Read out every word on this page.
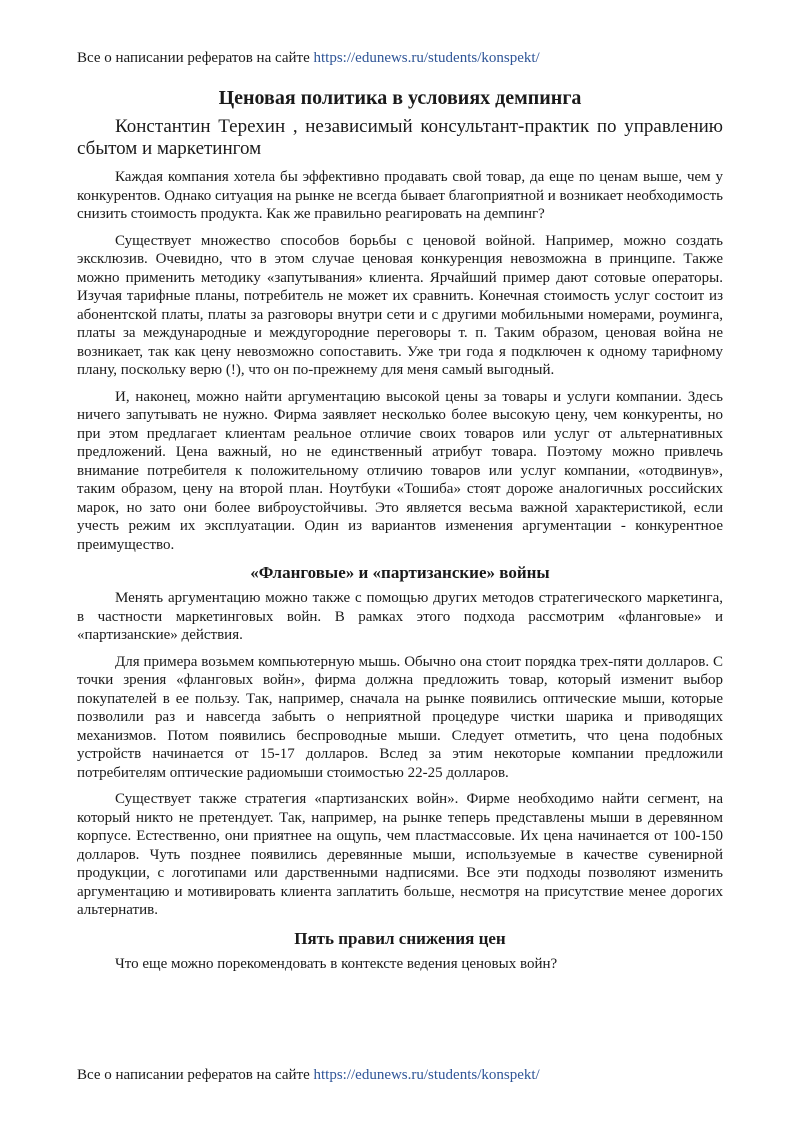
Все о написании рефератов на сайте https://edunews.ru/students/konspekt/
Ценовая политика в условиях демпинга
Константин Терехин , независимый консультант-практик по управлению сбытом и маркетингом

Каждая компания хотела бы эффективно продавать свой товар, да еще по ценам выше, чем у конкурентов. Однако ситуация на рынке не всегда бывает благоприятной и возникает необходимость снизить стоимость продукта. Как же правильно реагировать на демпинг?

Существует множество способов борьбы с ценовой войной. Например, можно создать эксклюзив. Очевидно, что в этом случае ценовая конкуренция невозможна в принципе. Также можно применить методику «запутывания» клиента. Ярчайший пример дают сотовые операторы. Изучая тарифные планы, потребитель не может их сравнить. Конечная стоимость услуг состоит из абонентской платы, платы за разговоры внутри сети и с другими мобильными номерами, роуминга, платы за международные и междугородние переговоры т. п. Таким образом, ценовая война не возникает, так как цену невозможно сопоставить. Уже три года я подключен к одному тарифному плану, поскольку верю (!), что он по-прежнему для меня самый выгодный.

И, наконец, можно найти аргументацию высокой цены за товары и услуги компании. Здесь ничего запутывать не нужно. Фирма заявляет несколько более высокую цену, чем конкуренты, но при этом предлагает клиентам реальное отличие своих товаров или услуг от альтернативных предложений. Цена важный, но не единственный атрибут товара. Поэтому можно привлечь внимание потребителя к положительному отличию товаров или услуг компании, «отодвинув», таким образом, цену на второй план. Ноутбуки «Тошиба» стоят дороже аналогичных российских марок, но зато они более виброустойчивы. Это является весьма важной характеристикой, если учесть режим их эксплуатации. Один из вариантов изменения аргументации - конкурентное преимущество.

«Фланговые» и «партизанские» войны

Менять аргументацию можно также с помощью других методов стратегического маркетинга, в частности маркетинговых войн. В рамках этого подхода рассмотрим «фланговые» и «партизанские» действия.

Для примера возьмем компьютерную мышь. Обычно она стоит порядка трех-пяти долларов. С точки зрения «фланговых войн», фирма должна предложить товар, который изменит выбор покупателей в ее пользу. Так, например, сначала на рынке появились оптические мыши, которые позволили раз и навсегда забыть о неприятной процедуре чистки шарика и приводящих механизмов. Потом появились беспроводные мыши. Следует отметить, что цена подобных устройств начинается от 15-17 долларов. Вслед за этим некоторые компании предложили потребителям оптические радиомыши стоимостью 22-25 долларов.

Существует также стратегия «партизанских войн». Фирме необходимо найти сегмент, на который никто не претендует. Так, например, на рынке теперь представлены мыши в деревянном корпусе. Естественно, они приятнее на ощупь, чем пластмассовые. Их цена начинается от 100-150 долларов. Чуть позднее появились деревянные мыши, используемые в качестве сувенирной продукции, с логотипами или дарственными надписями. Все эти подходы позволяют изменить аргументацию и мотивировать клиента заплатить больше, несмотря на присутствие менее дорогих альтернатив.

Пять правил снижения цен

Что еще можно порекомендовать в контексте ведения ценовых войн?

Все о написании рефератов на сайте https://edunews.ru/students/konspekt/
